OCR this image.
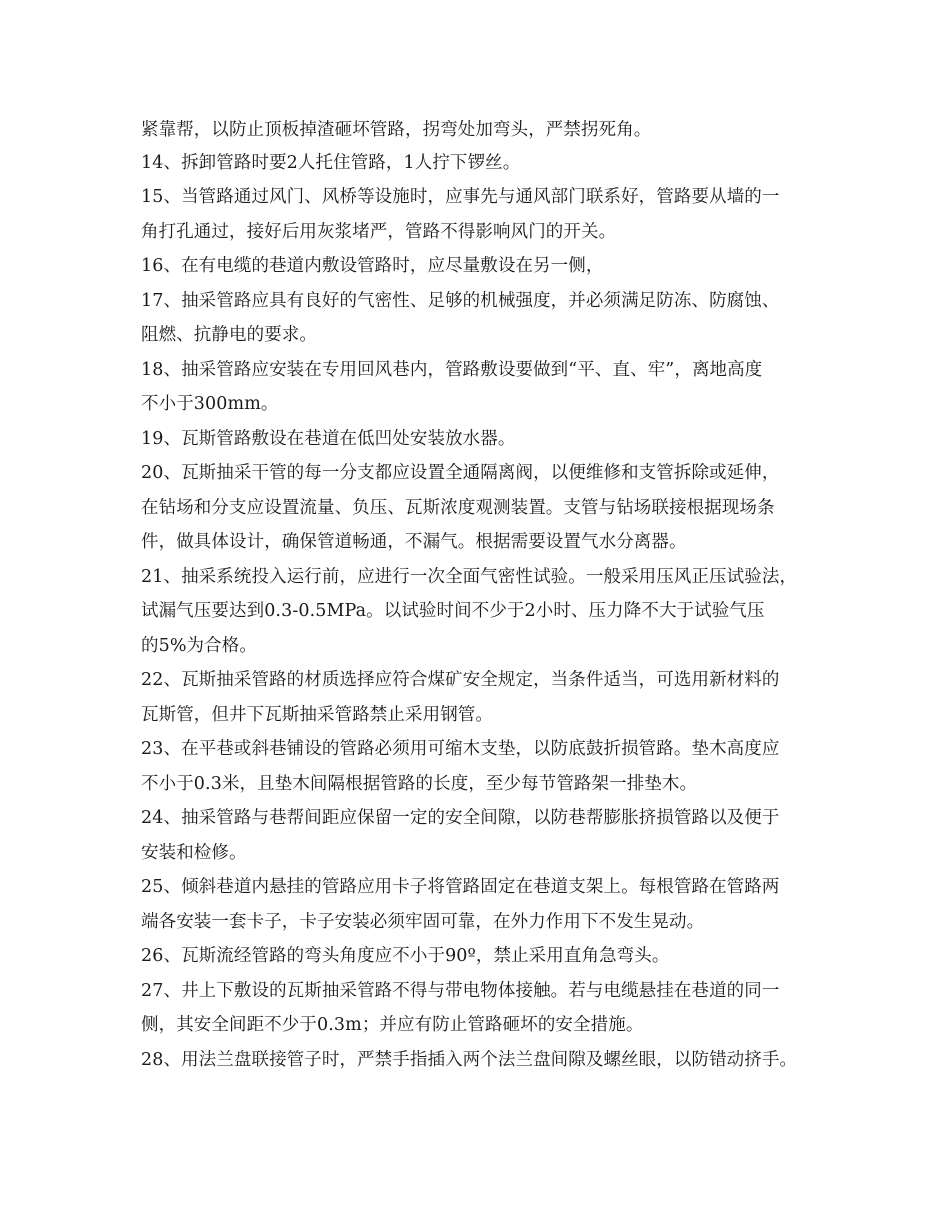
紧靠帮，以防止顶板掉渣砸坏管路，拐弯处加弯头，严禁拐死角。
14、拆卸管路时要2人托住管路，1人拧下锣丝。
15、当管路通过风门、风桥等设施时，应事先与通风部门联系好，管路要从墙的一
角打孔通过，接好后用灰浆堵严，管路不得影响风门的开关。
16、在有电缆的巷道内敷设管路时，应尽量敷设在另一侧，
17、抽采管路应具有良好的气密性、足够的机械强度，并必须满足防冻、防腐蚀、
阻燃、抗静电的要求。
18、抽采管路应安装在专用回风巷内，管路敷设要做到“平、直、牢”，离地高度
不小于300mm。
19、瓦斯管路敷设在巷道在低凹处安装放水器。
20、瓦斯抽采干管的每一分支都应设置全通隔离阀，以便维修和支管拆除或延伸，
在钻场和分支应设置流量、负压、瓦斯浓度观测装置。支管与钻场联接根据现场条
件，做具体设计，确保管道畅通，不漏气。根据需要设置气水分离器。
21、抽采系统投入运行前，应进行一次全面气密性试验。一般采用压风正压试验法，
试漏气压要达到0.3-0.5MPa。以试验时间不少于2小时、压力降不大于试验气压
的5%为合格。
22、瓦斯抽采管路的材质选择应符合煤矿安全规定，当条件适当，可选用新材料的
瓦斯管，但井下瓦斯抽采管路禁止采用钢管。
23、在平巷或斜巷铺设的管路必须用可缩木支垫，以防底鼓折损管路。垫木高度应
不小于0.3米，且垫木间隔根据管路的长度，至少每节管路架一排垫木。
24、抽采管路与巷帮间距应保留一定的安全间隙，以防巷帮膨胀挤损管路以及便于
安装和检修。
25、倾斜巷道内悬挂的管路应用卡子将管路固定在巷道支架上。每根管路在管路两
端各安装一套卡子，卡子安装必须牢固可靠，在外力作用下不发生晃动。
26、瓦斯流经管路的弯头角度应不小于90º，禁止采用直角急弯头。
27、井上下敷设的瓦斯抽采管路不得与带电物体接触。若与电缆悬挂在巷道的同一
侧，其安全间距不少于0.3m；并应有防止管路砸坏的安全措施。
28、用法兰盘联接管子时，严禁手指插入两个法兰盘间隙及螺丝眼，以防错动挤手。
